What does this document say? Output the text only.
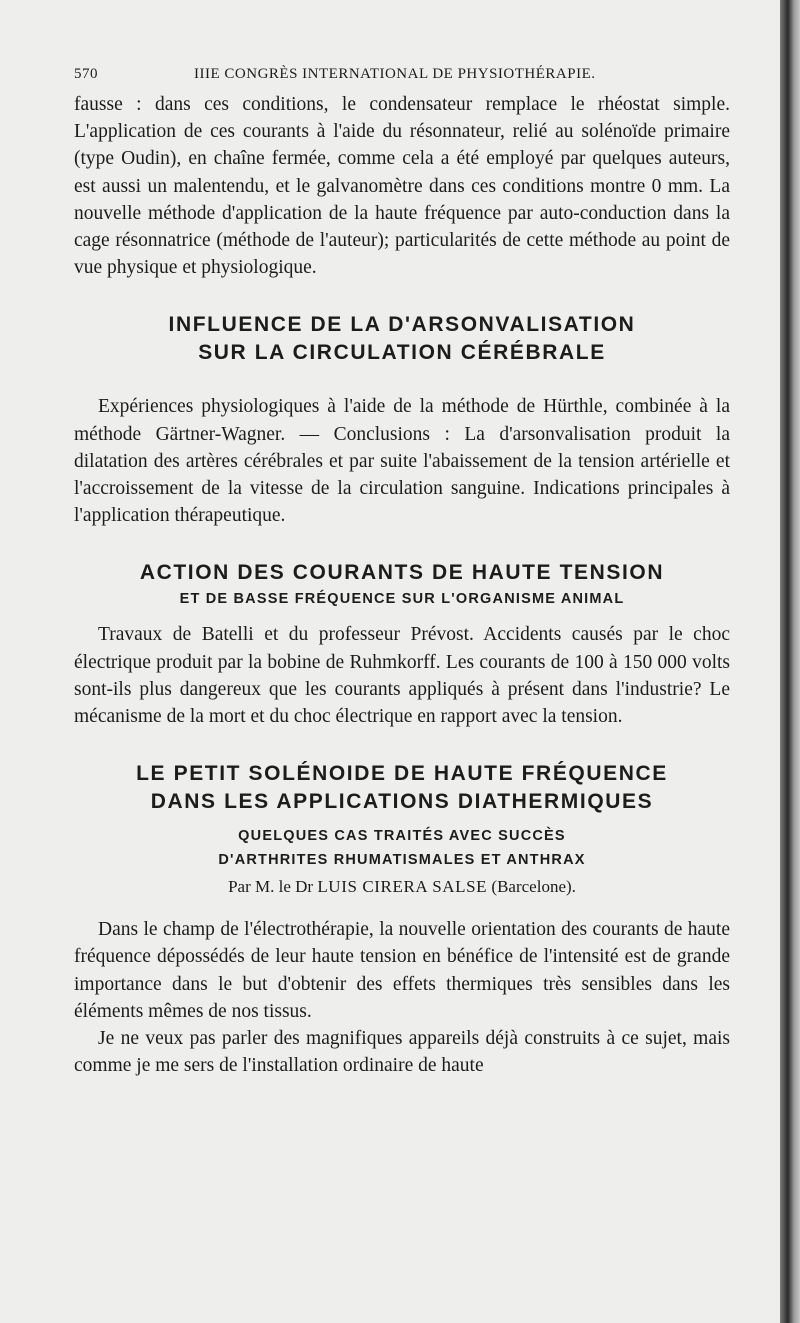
570	IIIE CONGRÈS INTERNATIONAL DE PHYSIOTHÉRAPIE.

fausse : dans ces conditions, le condensateur remplace le rhéostat simple. L'application de ces courants à l'aide du résonnateur, relié au solénoïde primaire (type Oudin), en chaîne fermée, comme cela a été employé par quelques auteurs, est aussi un malentendu, et le galvanomètre dans ces conditions montre 0 mm. La nouvelle méthode d'application de la haute fréquence par auto-conduction dans la cage résonnatrice (méthode de l'auteur); particularités de cette méthode au point de vue physique et physiologique.

INFLUENCE DE LA D'ARSONVALISATION
SUR LA CIRCULATION CÉRÉBRALE

Expériences physiologiques à l'aide de la méthode de Hürthle, combinée à la méthode Gärtner-Wagner. — Conclusions : La d'arsonvalisation produit la dilatation des artères cérébrales et par suite l'abaissement de la tension artérielle et l'accroissement de la vitesse de la circulation sanguine. Indications principales à l'application thérapeutique.

ACTION DES COURANTS DE HAUTE TENSION
ET DE BASSE FRÉQUENCE SUR L'ORGANISME ANIMAL

Travaux de Batelli et du professeur Prévost. Accidents causés par le choc électrique produit par la bobine de Ruhmkorff. Les courants de 100 à 150 000 volts sont-ils plus dangereux que les courants appliqués à présent dans l'industrie? Le mécanisme de la mort et du choc électrique en rapport avec la tension.

LE PETIT SOLÉNOIDE DE HAUTE FRÉQUENCE
DANS LES APPLICATIONS DIATHERMIQUES
QUELQUES CAS TRAITÉS AVEC SUCCÈS
D'ARTHRITES RHUMATISMALES ET ANTHRAX
Par M. le Dr LUIS CIRERA SALSE (Barcelone).

Dans le champ de l'électrothérapie, la nouvelle orientation des courants de haute fréquence dépossédés de leur haute tension en bénéfice de l'intensité est de grande importance dans le but d'obtenir des effets thermiques très sensibles dans les éléments mêmes de nos tissus.

Je ne veux pas parler des magnifiques appareils déjà construits à ce sujet, mais comme je me sers de l'installation ordinaire de haute
